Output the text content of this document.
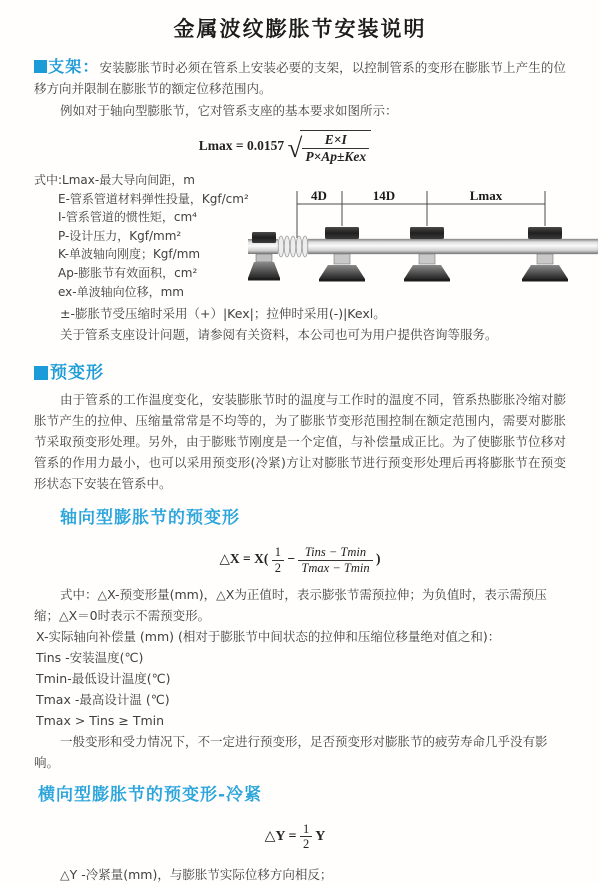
金属波纹膨胀节安装说明

支架：安装膨胀节时必须在管系上安装必要的支架，以控制管系的变形在膨胀节上产生的位移方向并限制在膨胀节的额定位移范围内。

例如对于轴向型膨胀节，它对管系支座的基本要求如图所示：

Lmax = 0.0157 √ $\frac{E\times I}{\text{P×Ap±Kex}}$

式中:Lmax-最大导向间距，m

E-管系管道材料弹性投量，Kgf/cm²

I-管系管道的惯性矩，cm⁴

P-设计压力，Kgf/mm²

K-单波轴向刚度；Kgf/mm

Ap-膨胀节有效面积，cm²

ex-单波轴向位移，mm

±-膨胀节受压缩时采用（+）|Kex|；拉伸时采用(-)|Kexl。

关于管系支座设计问题，请参阅有关资料，本公司也可为用户提供咨询等服务。

4D	14D	Lmax
预变形

由于管系的工作温度变化，安装膨胀节时的温度与工作时的温度不同，管系热膨胀冷缩对膨胀节产生的拉伸、压缩量常常是不均等的，为了膨胀节变形范围控制在额定范围内，需要对膨胀节采取预变形处理。另外，由于膨账节刚度是一个定值，与补偿量成正比。为了使膨胀节位移对管系的作用力最小，也可以采用预变形(冷紧)方让对膨胀节进行预变形处理后再将膨胀节在预变形状态下安装在管系中。

轴向型膨胀节的预变形
△X = $X( \frac{1}{2} - \frac{\text{Tins − Tmin}}{Tmax - Tmin}$ )

式中：△X-预变形量(mm)，△X为正值时，表示膨张节需预拉伸；为负值时，表示需预压缩；△X＝0时表示不需预变形。

X-实际轴向补偿量 (mm) (相对于膨胀节中间状态的拉伸和压缩位移量绝对值之和)：

Tins -安装温度(℃)

Tmin-最低设计温度(℃)

Tmax -最高设计温 (℃)

Tmax > Tins ≥ Tmin

一般变形和受力情况下，不一定进行预变形，足否预变形对膨胀节的疲劳寿命几乎没有影响。

横向型膨胀节的预变形-冷紧
△Y = $\frac{1}{2}$ Y

△Y -冷紧量(mm)，与膨胀节实际位移方向相反；
